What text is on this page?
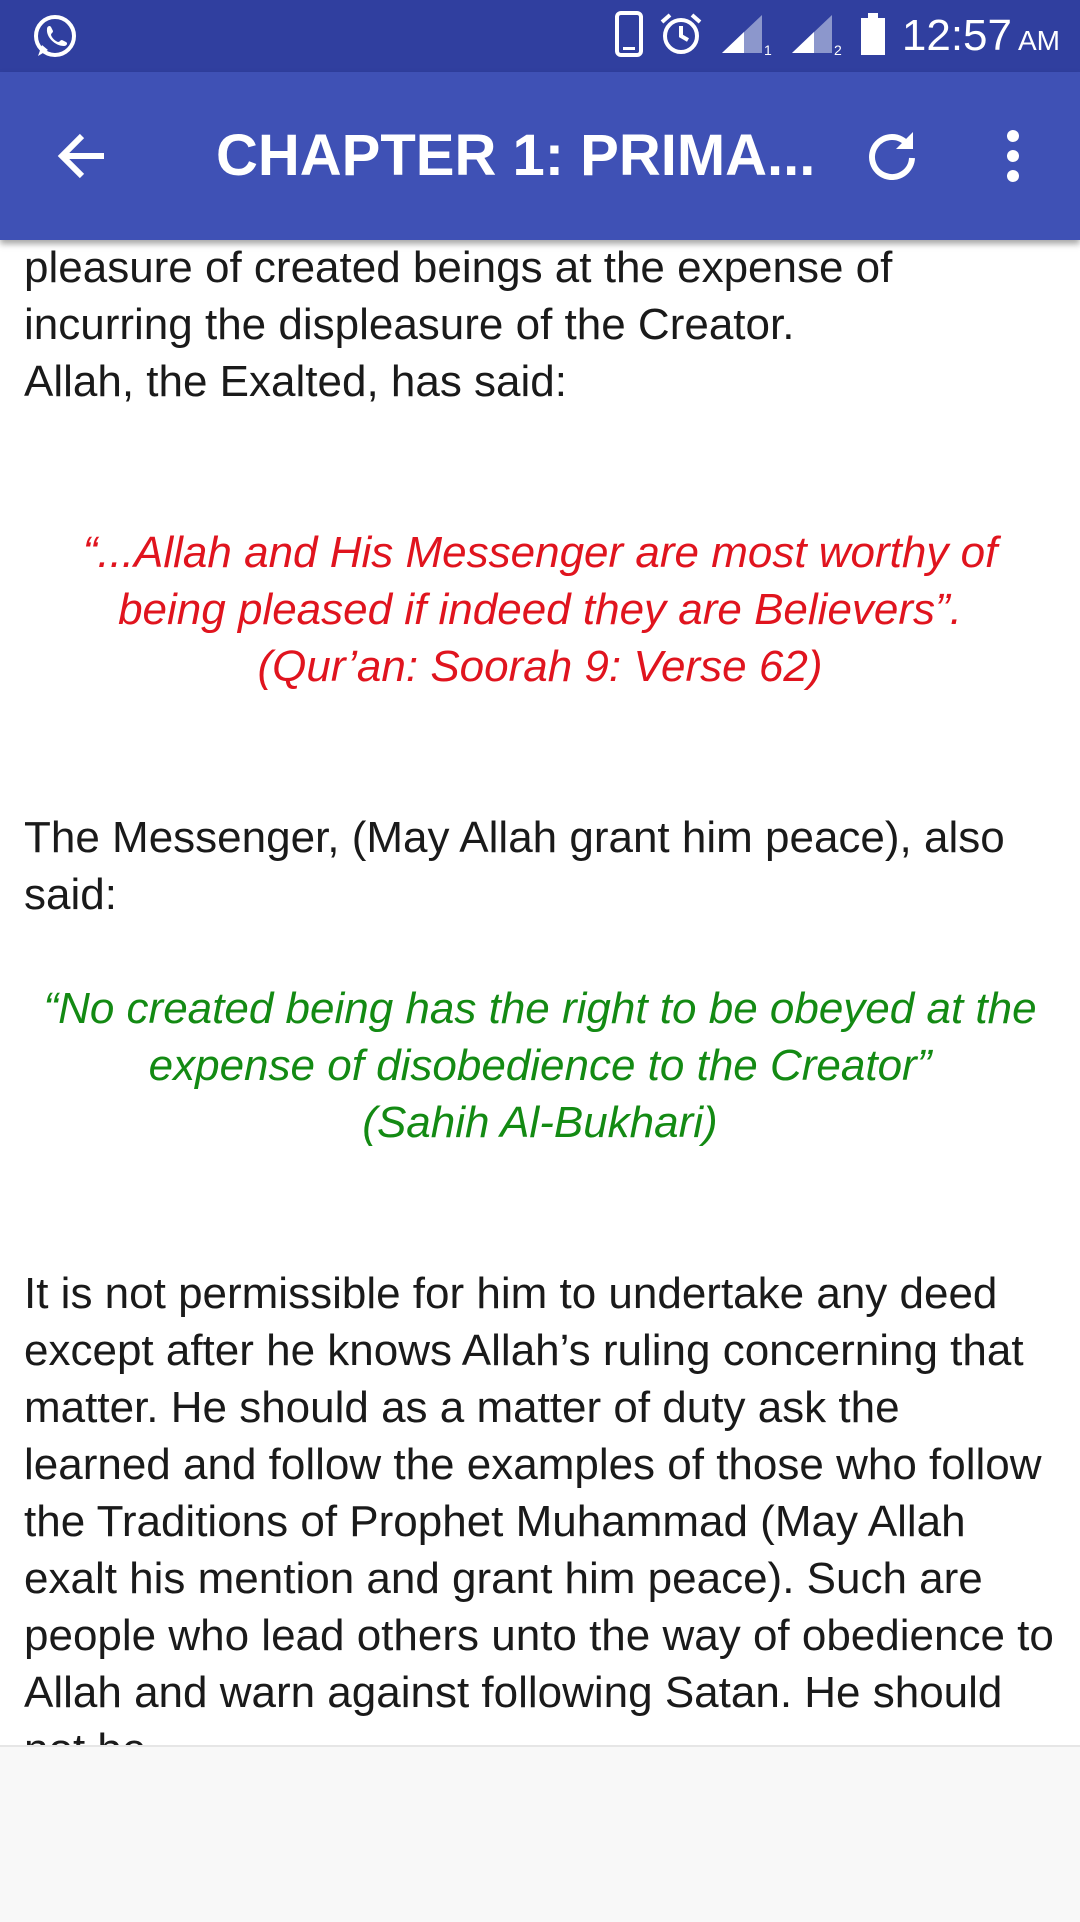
1	2 12:57 AM
CHAPTER 1: PRIMA...

pleasure of created beings at the expense of incurring the displeasure of the Creator.

Allah, the Exalted, has said:

“...Allah and His Messenger are most worthy of being pleased if indeed they are Believers”.

(Qur’an: Soorah 9: Verse 62)

The Messenger, (May Allah grant him peace), also said:

“No created being has the right to be obeyed at the expense of disobedience to the Creator”

(Sahih Al-Bukhari)

It is not permissible for him to undertake any deed except after he knows Allah’s ruling concerning that matter. He should as a matter of duty ask the learned and follow the examples of those who follow the Traditions of Prophet Muhammad (May Allah exalt his mention and grant him peace). Such are people who lead others unto the way of obedience to Allah and warn against following Satan. He should
